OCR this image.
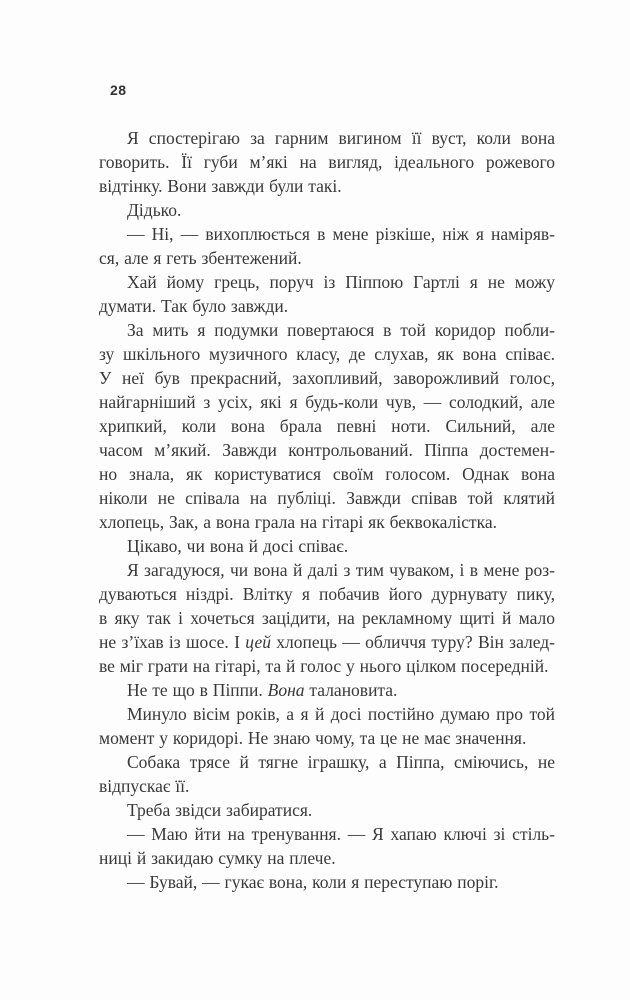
28
Я спостерігаю за гарним вигином її вуст, коли вона
говорить. Її губи м’які на вигляд, ідеального рожевого
відтінку. Вони завжди були такі.
Дідько.
— Ні, — вихоплюється в мене різкіше, ніж я наміряв-
ся, але я геть збентежений.
Хай йому грець, поруч із Піппою Гартлі я не можу
думати. Так було завжди.
За мить я подумки повертаюся в той коридор побли-
зу шкільного музичного класу, де слухав, як вона співає.
У неї був прекрасний, захопливий, заворожливий голос,
найгарніший з усіх, які я будь-коли чув, — солодкий, але
хрипкий, коли вона брала певні ноти. Сильний, але
часом м’який. Завжди контрольований. Піппа достемен-
но знала, як користуватися своїм голосом. Однак вона
ніколи не співала на публіці. Завжди співав той клятий
хлопець, Зак, а вона грала на гітарі як беквокалістка.
Цікаво, чи вона й досі співає.
Я загадуюся, чи вона й далі з тим чуваком, і в мене роз-
дуваються ніздрі. Влітку я побачив його дурнувату пику,
в яку так і хочеться зацідити, на рекламному щиті й мало
не з’їхав із шосе. І цей хлопець — обличчя туру? Він залед-
ве міг грати на гітарі, та й голос у нього цілком посередній.
Не те що в Піппи. Вона талановита.
Минуло вісім років, а я й досі постійно думаю про той
момент у коридорі. Не знаю чому, та це не має значення.
Собака трясе й тягне іграшку, а Піппа, сміючись, не
відпускає її.
Треба звідси забиратися.
— Маю йти на тренування. — Я хапаю ключі зі стіль-
ниці й закидаю сумку на плече.
— Бувай, — гукає вона, коли я переступаю поріг.
